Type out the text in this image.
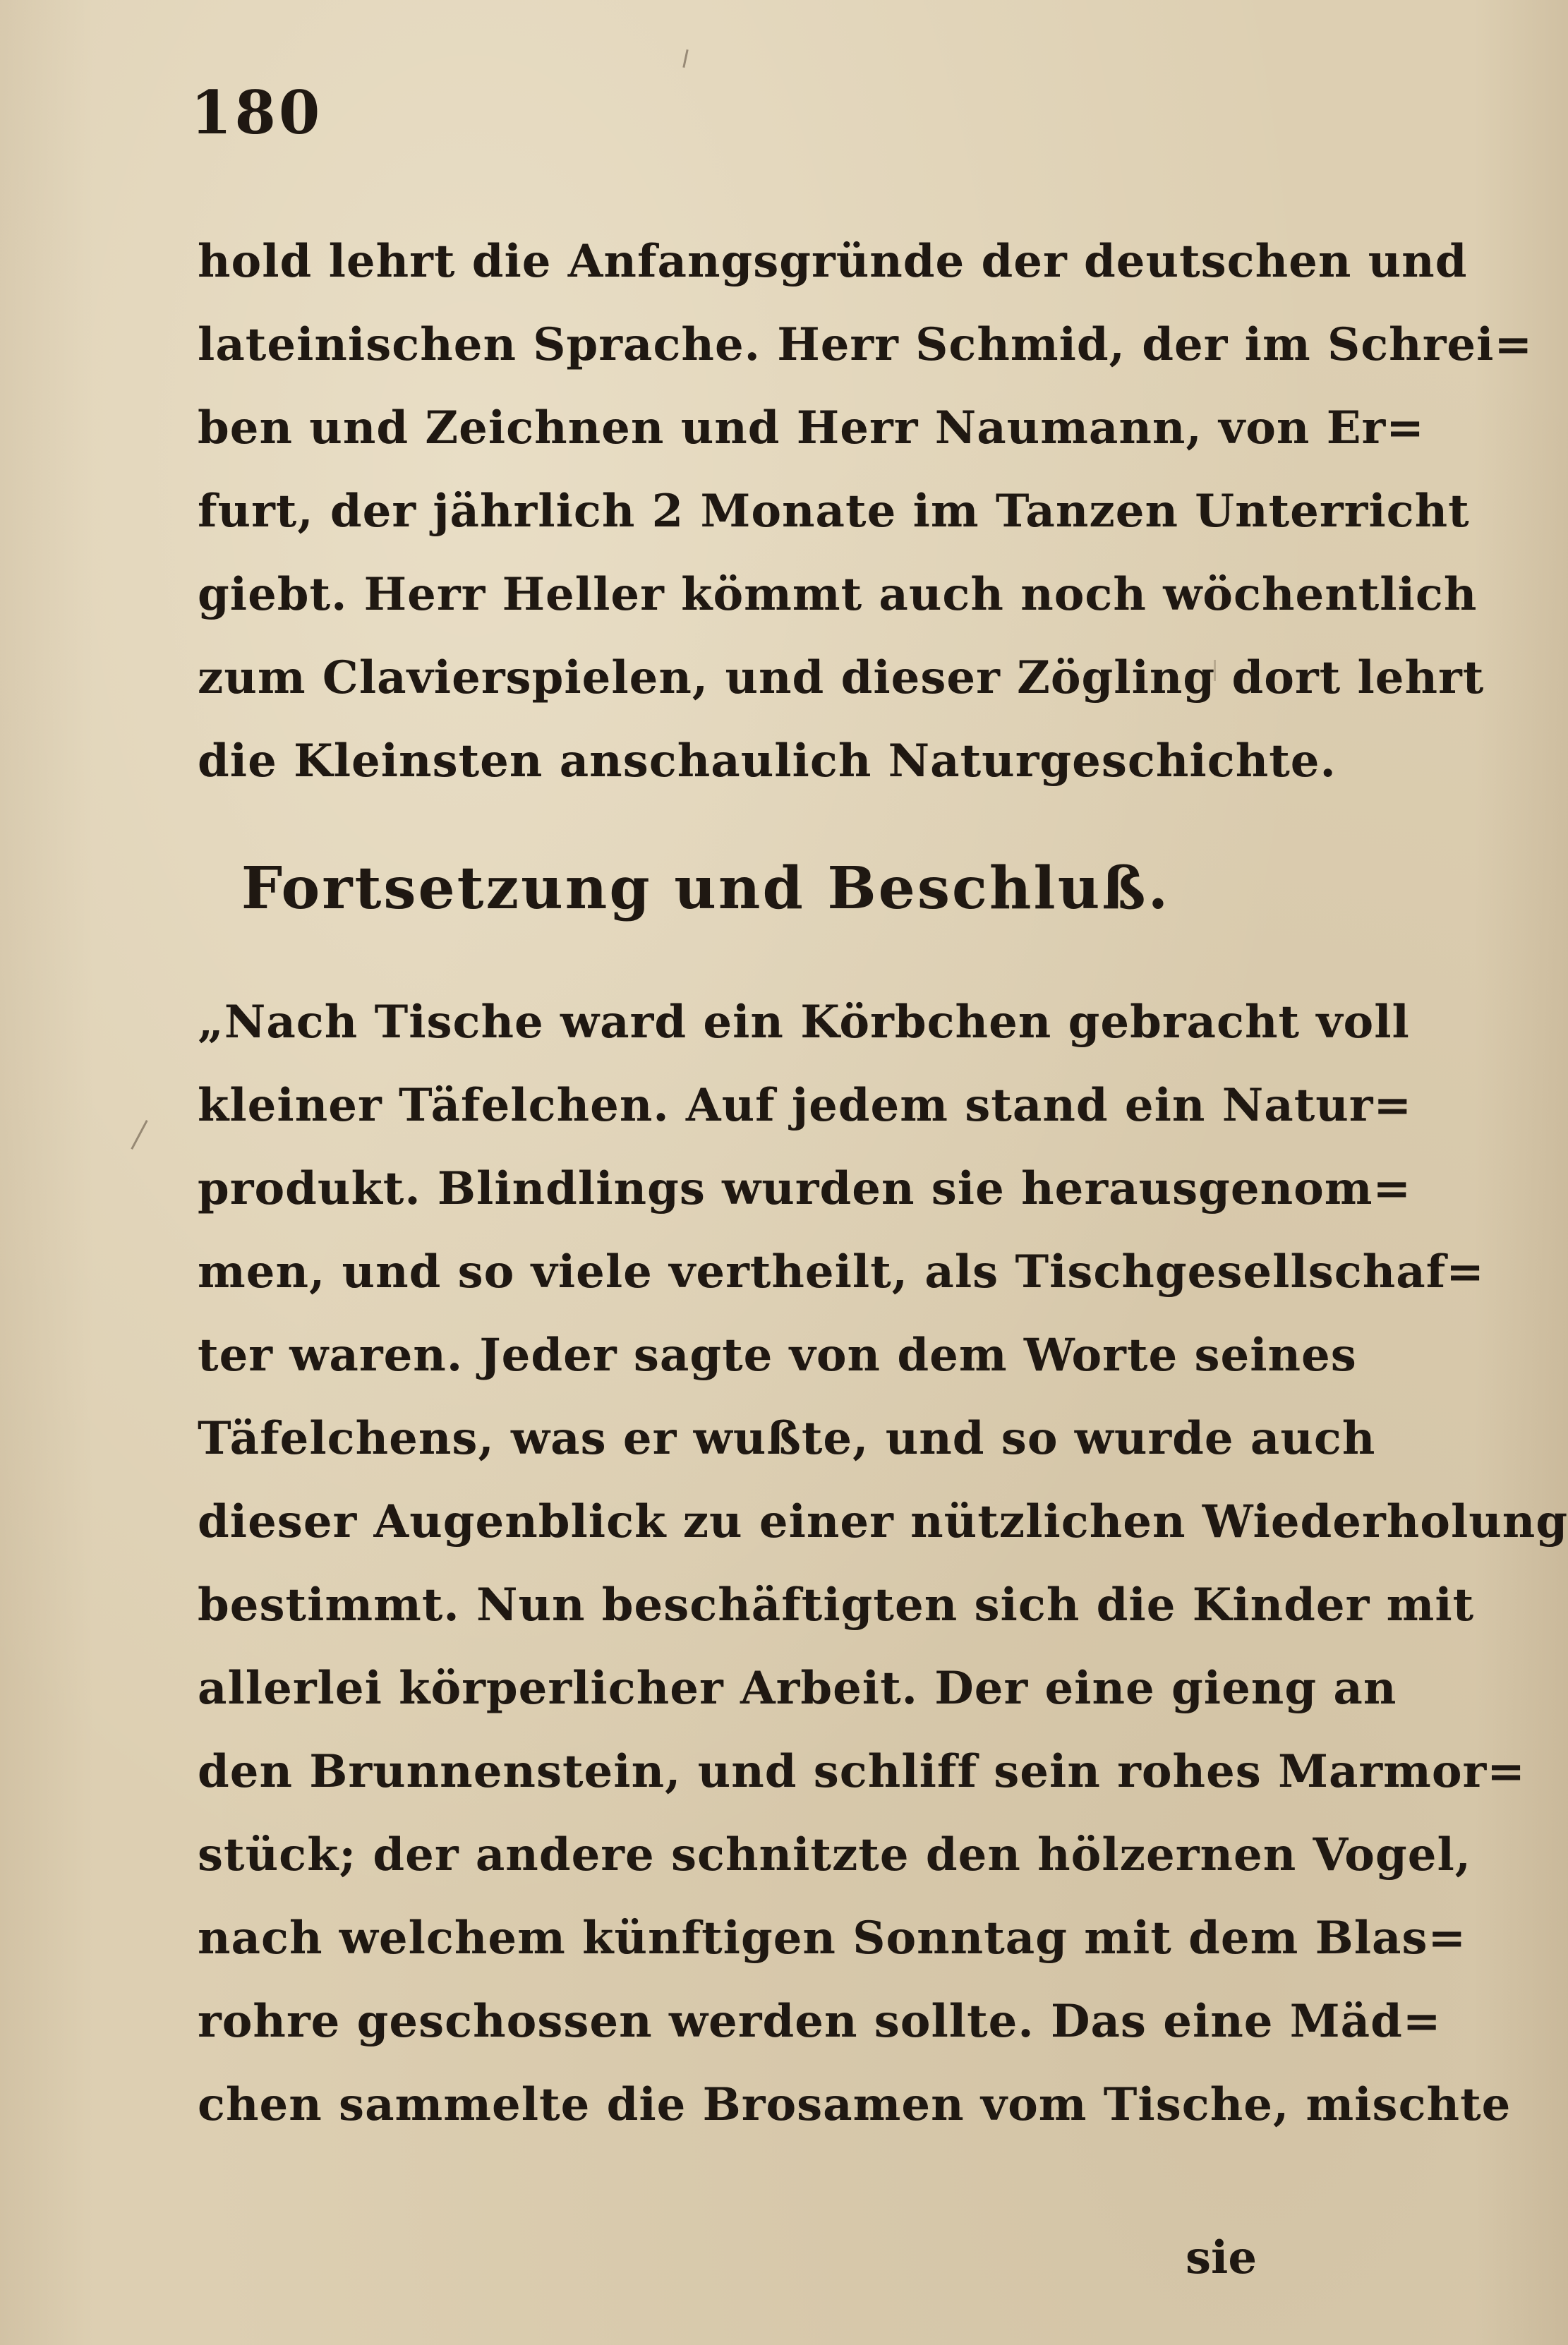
180
hold lehrt die Anfangsgründe der deutschen und
lateinischen Sprache. Herr Schmid, der im Schrei=
ben und Zeichnen und Herr Naumann, von Er=
furt, der jährlich 2 Monate im Tanzen Unterricht
giebt. Herr Heller kömmt auch noch wöchentlich
zum Clavierspielen, und dieser Zögling dort lehrt
die Kleinsten anschaulich Naturgeschichte.
Fortsetzung und Beschluß.
„Nach Tische ward ein Körbchen gebracht voll
kleiner Täfelchen. Auf jedem stand ein Natur=
produkt. Blindlings wurden sie herausgenom=
men, und so viele vertheilt, als Tischgesellschaf=
ter waren. Jeder sagte von dem Worte seines
Täfelchens, was er wußte, und so wurde auch
dieser Augenblick zu einer nützlichen Wiederholung
bestimmt. Nun beschäftigten sich die Kinder mit
allerlei körperlicher Arbeit. Der eine gieng an
den Brunnenstein, und schliff sein rohes Marmor=
stück; der andere schnitzte den hölzernen Vogel,
nach welchem künftigen Sonntag mit dem Blas=
rohre geschossen werden sollte. Das eine Mäd=
chen sammelte die Brosamen vom Tische, mischte
sie
